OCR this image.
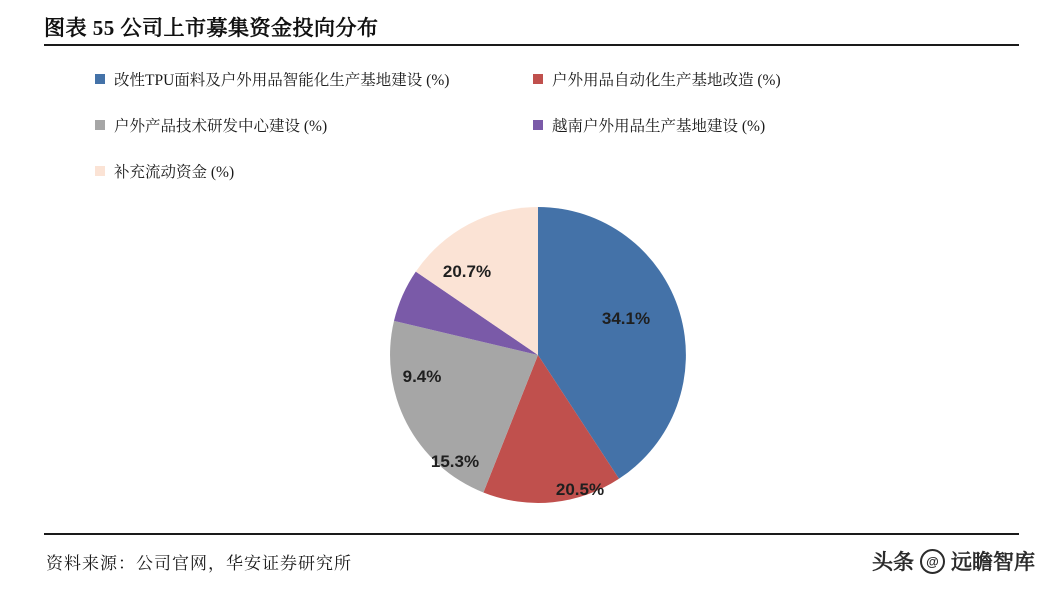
图表 55 公司上市募集资金投向分布
改性TPU面料及户外用品智能化生产基地建设 (%)	户外用品自动化生产基地改造 (%)
户外产品技术研发中心建设 (%)	越南户外用品生产基地建设 (%)
补充流动资金 (%)
34.1%
20.5%
15.3%
9.4%
20.7%
资料来源：公司官网，华安证券研究所	头条 @ 远瞻智库
